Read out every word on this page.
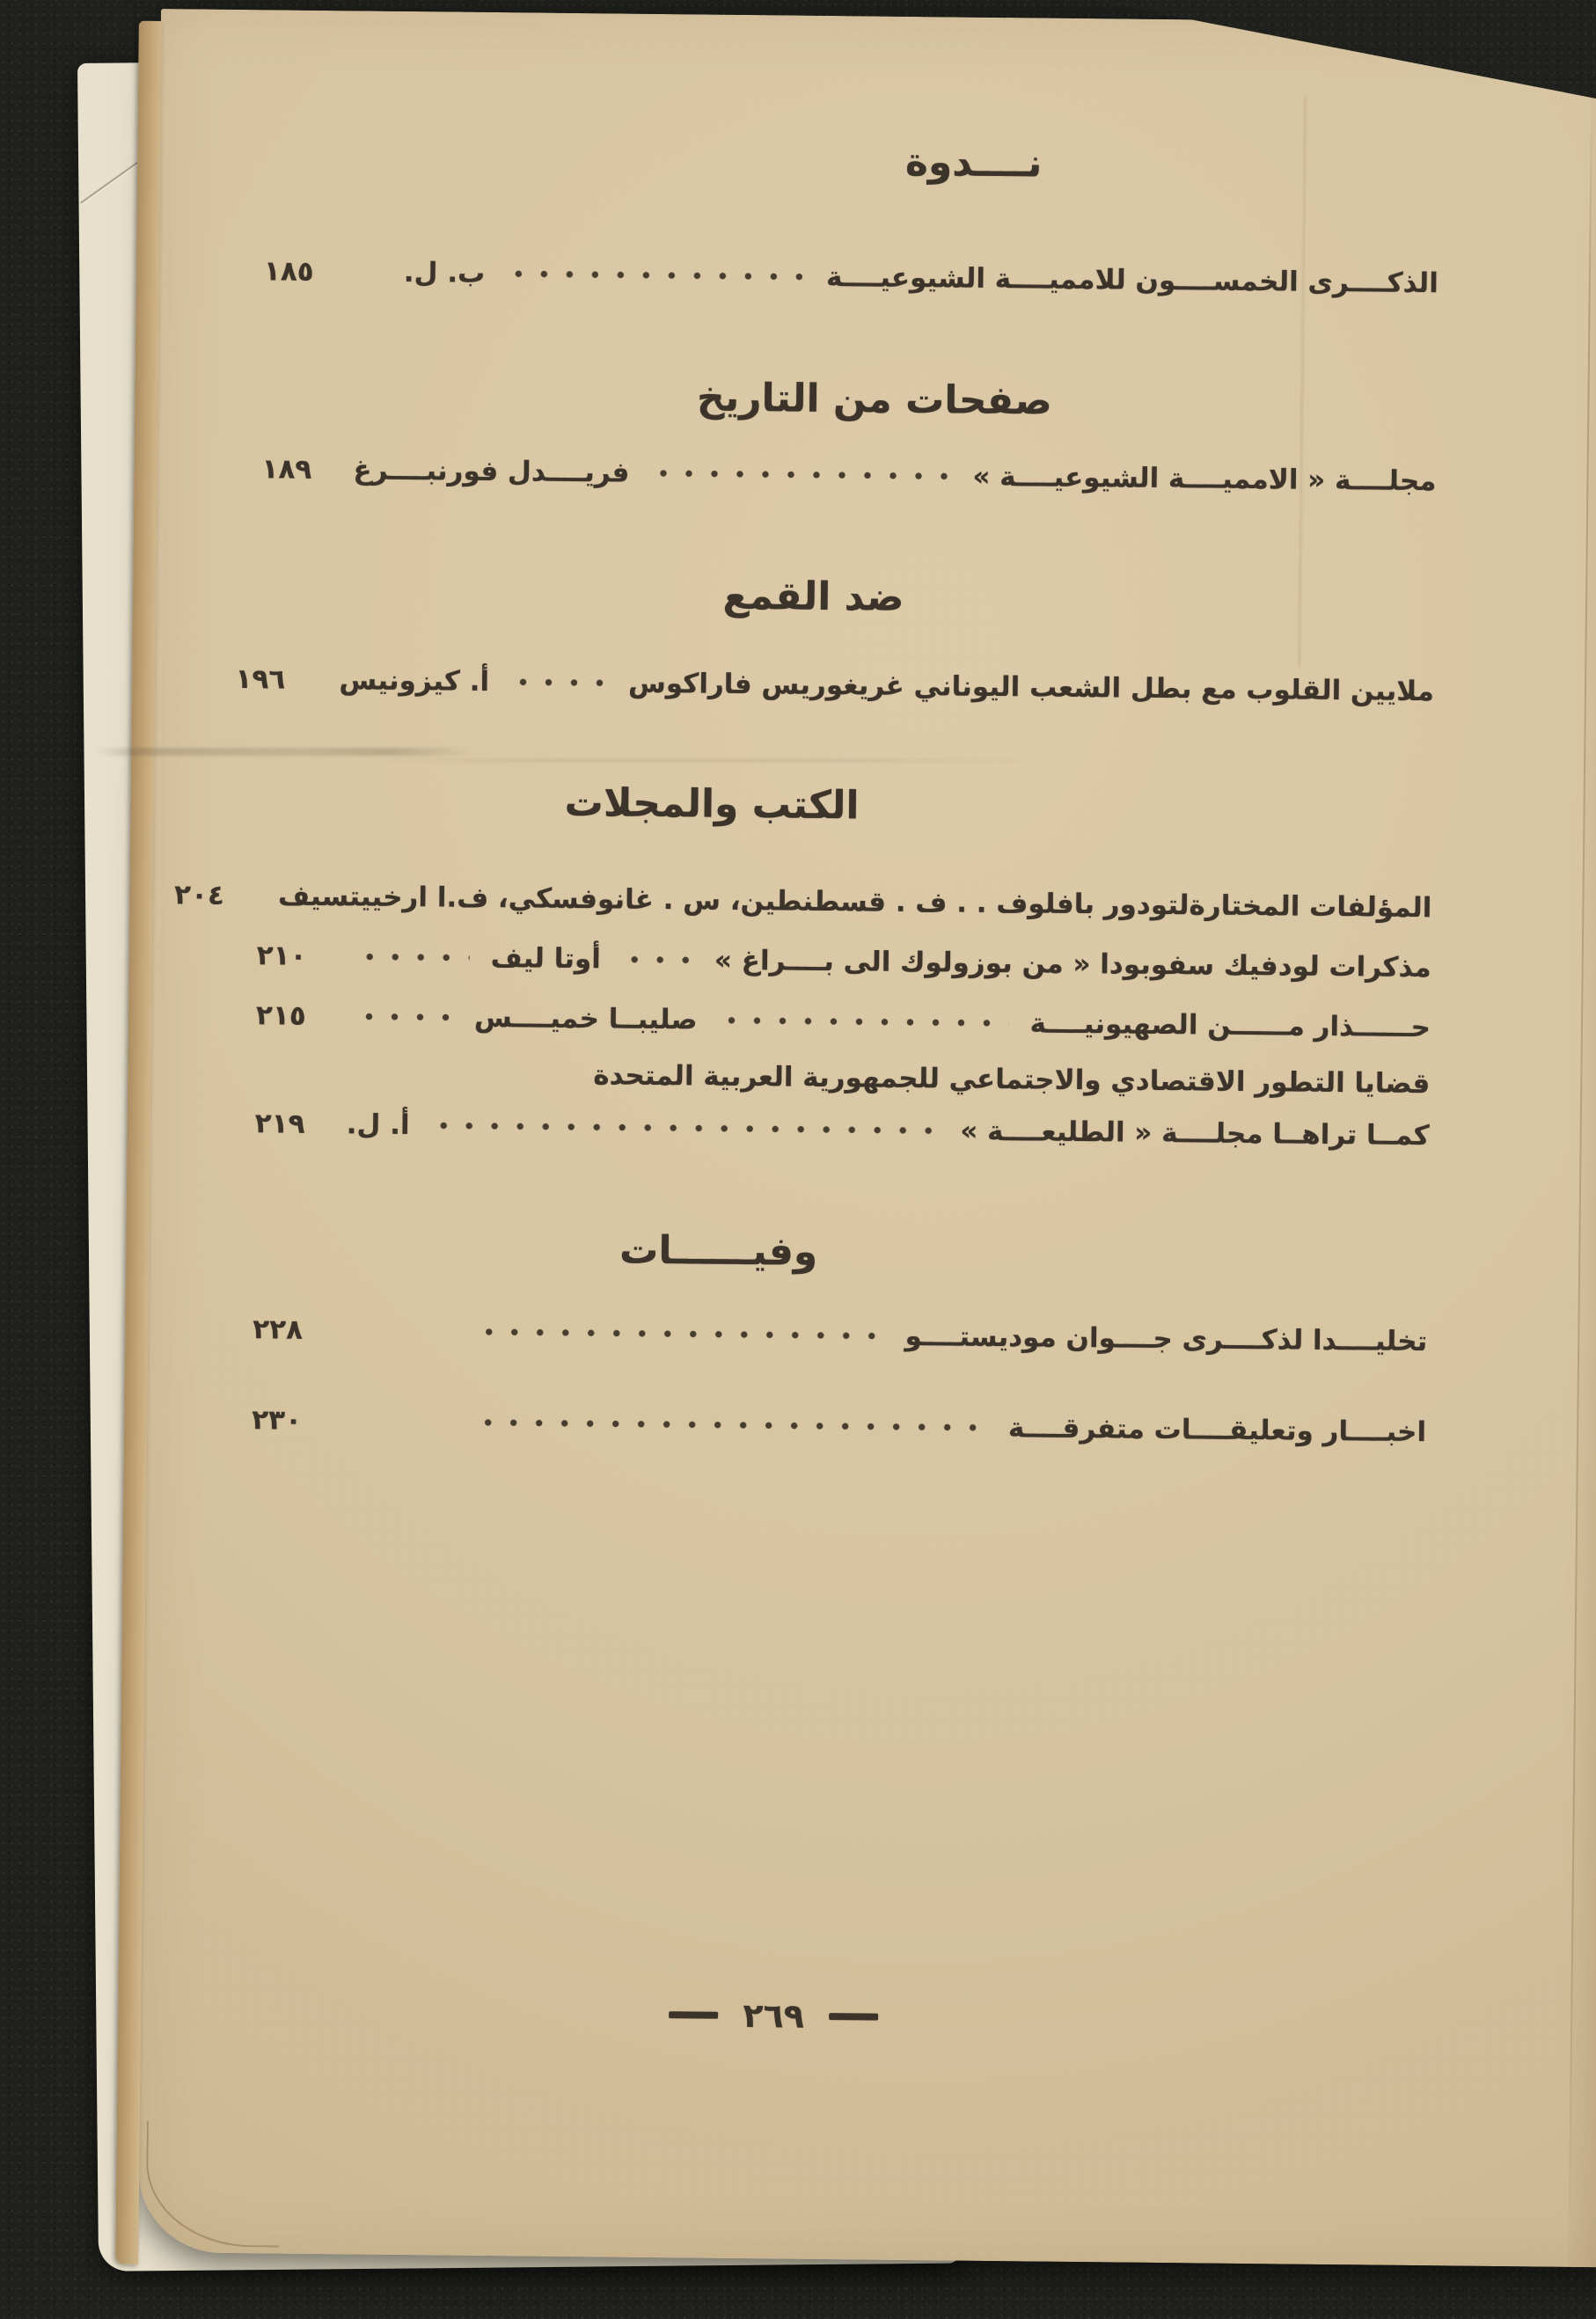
نــــدوة
الذكــــرى الخمســــون للامميــــة الشيوعيــــة
ب. ل.
١٨٥
صفحات من التاريخ
مجلــــة « الامميــــة الشيوعيــــة »
فريــــدل فورنبــــرغ
١٨٩
ضد القمع
ملايين القلوب مع بطل الشعب اليوناني غريغوريس فاراكوس
أ. كيزونيس
١٩٦
الكتب والمجلات
المؤلفات المختارةلتودور بافلوف . . ف . قسطنطين، س . غانوفسكي، ف.ا ارخييتسيف
٢٠٤
مذكرات لودفيك سفوبودا « من بوزولوك الى بــــراغ »
أوتا ليف
٢١٠
حــــــذار مــــــن الصهيونيــــة
صليبــا خميــــس
٢١٥
قضايا التطور الاقتصادي والاجتماعي للجمهورية العربية المتحدة
كمــا تراهــا مجلــــة « الطليعــــة »
أ. ل.
٢١٩
وفيــــــات
تخليــــدا لذكــــرى جــــوان موديستــــو
٢٢٨
اخبــــار وتعليقــــات متفرقــــة
٢٣٠
٢٦٩
